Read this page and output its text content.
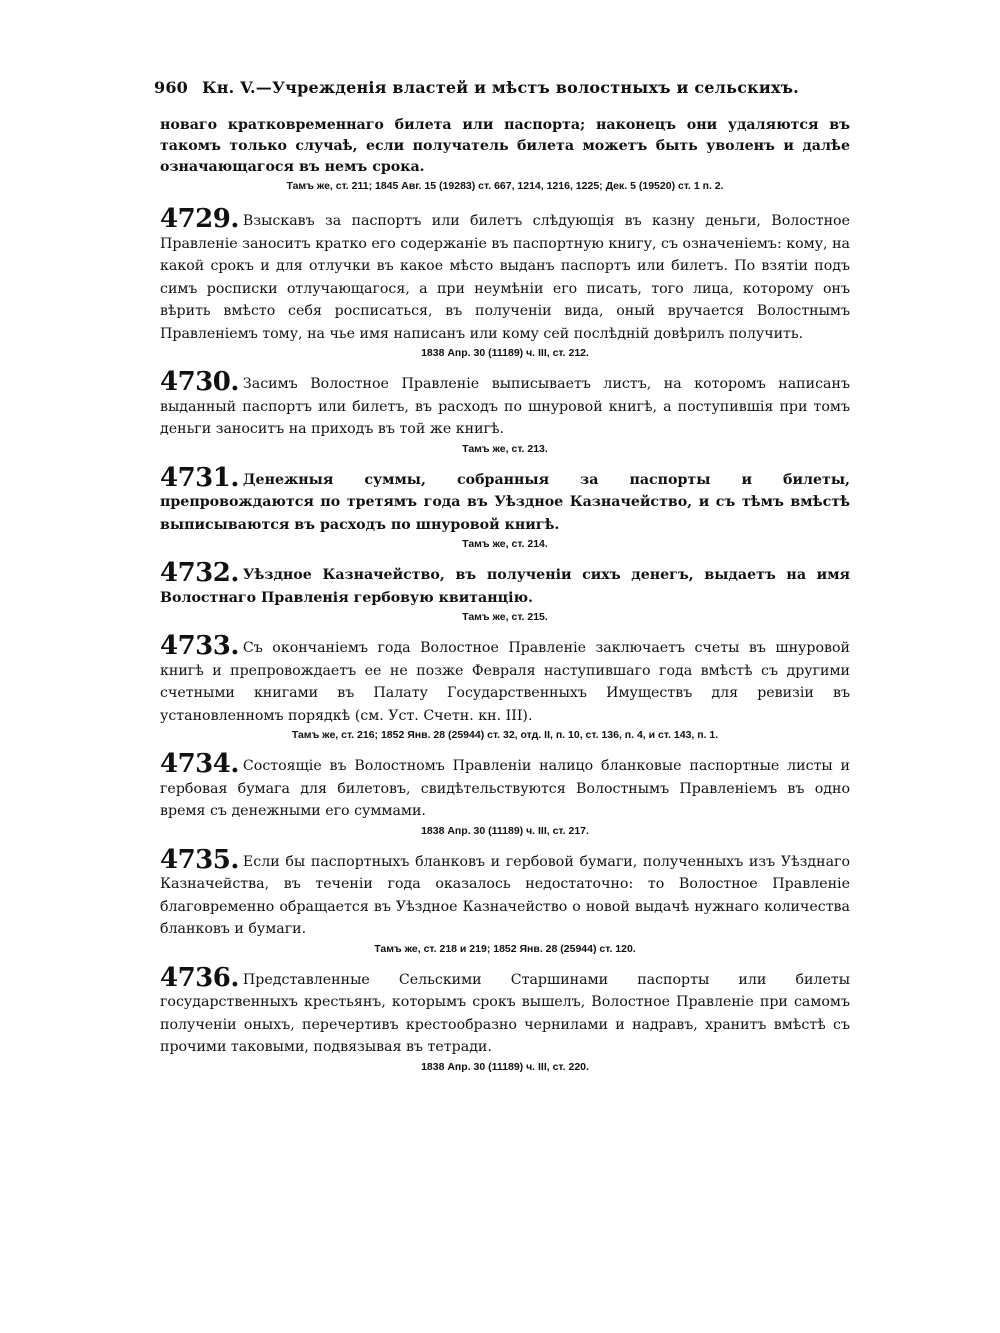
960 Кн. V.—Учрежденія властей и мѣстъ волостныхъ и сельскихъ.

новаго кратковременнаго билета или паспорта; наконецъ они удаляются въ такомъ только случаѣ, если получатель билета можетъ быть уволенъ и далѣе означающагося въ немъ срока.

Тамъ же, ст. 211; 1845 Авг. 15 (19283) ст. 667, 1214, 1216, 1225; Дек. 5 (19520) ст. 1 п. 2.

4729. Взыскавъ за паспортъ или билетъ слѣдующія въ казну деньги, Волостное Правленіе заноситъ кратко его содержаніе въ паспортную книгу, съ означеніемъ: кому, на какой срокъ и для отлучки въ какое мѣсто выданъ паспортъ или билетъ. По взятіи подъ симъ росписки отлучающагося, а при неумѣніи его писать, того лица, которому онъ вѣрить вмѣсто себя росписаться, въ полученіи вида, оный вручается Волостнымъ Правленіемъ тому, на чье имя написанъ или кому сей послѣдній довѣрилъ получить.

1838 Апр. 30 (11189) ч. III, ст. 212.

4730. Засимъ Волостное Правленіе выписываетъ листъ, на которомъ написанъ выданный паспортъ или билетъ, въ расходъ по шнуровой книгѣ, а поступившія при томъ деньги заноситъ на приходъ въ той же книгѣ.

Тамъ же, ст. 213.

4731. Денежныя суммы, собранныя за паспорты и билеты, препровождаются по третямъ года въ Уѣздное Казначейство, и съ тѣмъ вмѣстѣ выписываются въ расходъ по шнуровой книгѣ.

Тамъ же, ст. 214.

4732. Уѣздное Казначейство, въ полученіи сихъ денегъ, выдаетъ на имя Волостнаго Правленія гербовую квитанцію.

Тамъ же, ст. 215.

4733. Съ окончаніемъ года Волостное Правленіе заключаетъ счеты въ шнуровой книгѣ и препровождаетъ ее не позже Февраля наступившаго года вмѣстѣ съ другими счетными книгами въ Палату Государственныхъ Имуществъ для ревизіи въ установленномъ порядкѣ (см. Уст. Счетн. кн. III).

Тамъ же, ст. 216; 1852 Янв. 28 (25944) ст. 32, отд. II, п. 10, ст. 136, п. 4, и ст. 143, п. 1.

4734. Состоящіе въ Волостномъ Правленіи налицо бланковые паспортные листы и гербовая бумага для билетовъ, свидѣтельствуются Волостнымъ Правленіемъ въ одно время съ денежными его суммами.

1838 Апр. 30 (11189) ч. III, ст. 217.

4735. Если бы паспортныхъ бланковъ и гербовой бумаги, полученныхъ изъ Уѣзднаго Казначейства, въ теченіи года оказалось недостаточно: то Волостное Правленіе благовременно обращается въ Уѣздное Казначейство о новой выдачѣ нужнаго количества бланковъ и бумаги.

Тамъ же, ст. 218 и 219; 1852 Янв. 28 (25944) ст. 120.

4736. Представленные Сельскими Старшинами паспорты или билеты государственныхъ крестьянъ, которымъ срокъ вышелъ, Волостное Правленіе при самомъ полученіи оныхъ, перечертивъ крестообразно чернилами и надравъ, хранитъ вмѣстѣ съ прочими таковыми, подвязывая въ тетради.

1838 Апр. 30 (11189) ч. III, ст. 220.
